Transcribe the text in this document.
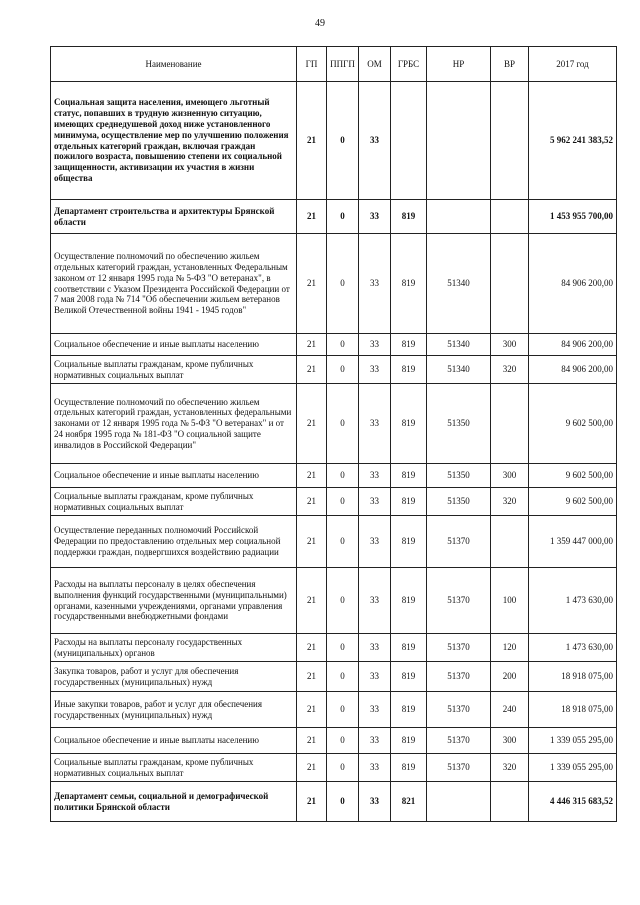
49
Наименование	ГП	ППГП	ОМ	ГРБС	НР	ВР	2017 год
Социальная защита населения, имеющего льготный статус, попавших в трудную жизненную ситуацию, имеющих среднедушевой доход ниже установленного минимума, осуществление мер по улучшению положения отдельных категорий граждан, включая граждан пожилого возраста, повышению степени их социальной защищенности, активизации их участия в жизни общества	21	0	33				5 962 241 383,52
Департамент строительства и архитектуры Брянской области	21	0	33	819			1 453 955 700,00
Осуществление полномочий по обеспечению жильем отдельных категорий граждан, установленных Федеральным законом от 12 января 1995 года № 5-ФЗ "О ветеранах", в соответствии с Указом Президента Российской Федерации от 7 мая 2008 года № 714 "Об обеспечении жильем ветеранов Великой Отечественной войны 1941 - 1945 годов"	21	0	33	819	51340		84 906 200,00
Социальное обеспечение и иные выплаты населению	21	0	33	819	51340	300	84 906 200,00
Социальные выплаты гражданам, кроме публичных нормативных социальных выплат	21	0	33	819	51340	320	84 906 200,00
Осуществление полномочий по обеспечению жильем отдельных категорий граждан, установленных федеральными законами от 12 января 1995 года № 5-ФЗ "О ветеранах" и от 24 ноября 1995 года № 181-ФЗ "О социальной защите инвалидов в Российской Федерации"	21	0	33	819	51350		9 602 500,00
Социальное обеспечение и иные выплаты населению	21	0	33	819	51350	300	9 602 500,00
Социальные выплаты гражданам, кроме публичных нормативных социальных выплат	21	0	33	819	51350	320	9 602 500,00
Осуществление переданных полномочий Российской Федерации по предоставлению отдельных мер социальной поддержки граждан, подвергшихся воздействию радиации	21	0	33	819	51370		1 359 447 000,00
Расходы на выплаты персоналу в целях обеспечения выполнения функций государственными (муниципальными) органами, казенными учреждениями, органами управления государственными внебюджетными фондами	21	0	33	819	51370	100	1 473 630,00
Расходы на выплаты персоналу государственных (муниципальных) органов	21	0	33	819	51370	120	1 473 630,00
Закупка товаров, работ и услуг для обеспечения государственных (муниципальных) нужд	21	0	33	819	51370	200	18 918 075,00
Иные закупки товаров, работ и услуг для обеспечения государственных (муниципальных) нужд	21	0	33	819	51370	240	18 918 075,00
Социальное обеспечение и иные выплаты населению	21	0	33	819	51370	300	1 339 055 295,00
Социальные выплаты гражданам, кроме публичных нормативных социальных выплат	21	0	33	819	51370	320	1 339 055 295,00
Департамент семьи, социальной и демографической политики Брянской области	21	0	33	821			4 446 315 683,52
